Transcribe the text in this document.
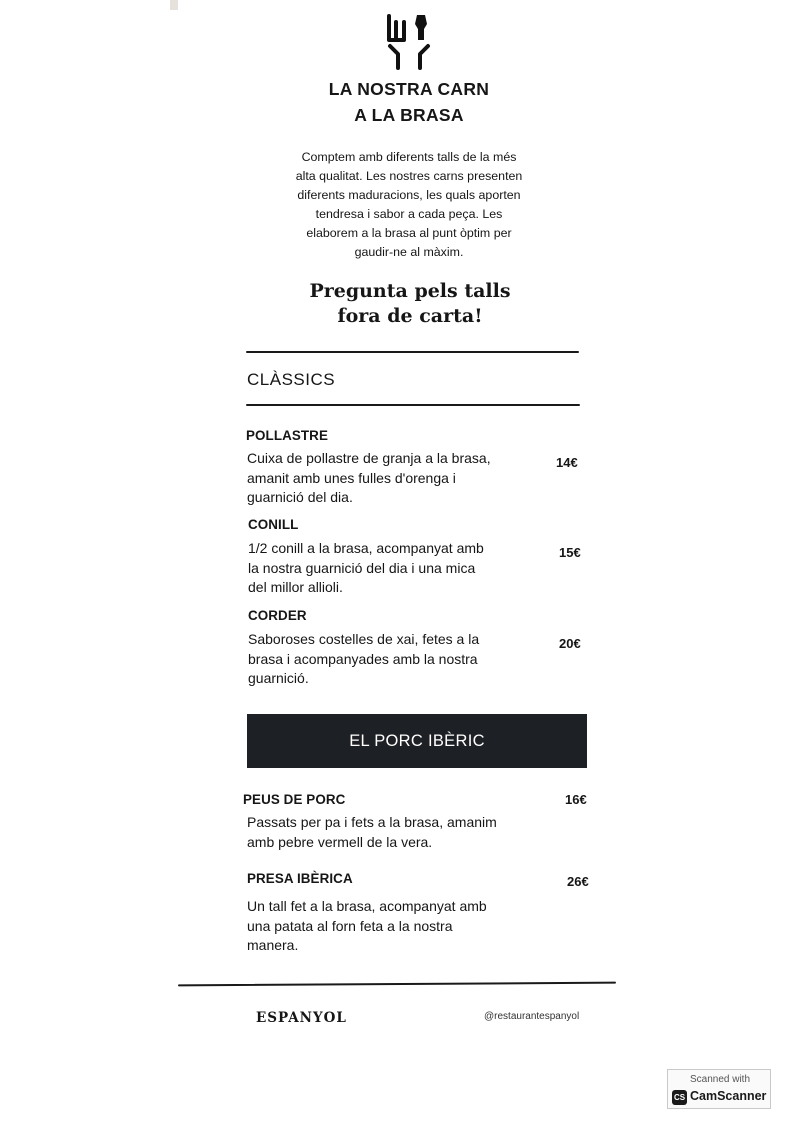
LA NOSTRA CARN
A LA BRASA
Comptem amb diferents talls de la més
alta qualitat. Les nostres carns presenten
diferents maduracions, les quals aporten
tendresa i sabor a cada peça. Les
elaborem a la brasa al punt òptim per
gaudir-ne al màxim.
Pregunta pels talls
fora de carta!
CLÀSSICS
POLLASTRE
Cuixa de pollastre de granja a la brasa,
amanit amb unes fulles d'orenga i
guarnició del dia.
14€
CONILL
1/2 conill a la brasa, acompanyat amb
la nostra guarnició del dia i una mica
del millor allioli.
15€
CORDER
Saboroses costelles de xai, fetes a la
brasa i acompanyades amb la nostra
guarnició.
20€
EL PORC IBÈRIC
PEUS DE PORC	16€
Passats per pa i fets a la brasa, amanim
amb pebre vermell de la vera.
PRESA IBÈRICA	26€
Un tall fet a la brasa, acompanyat amb
una patata al forn feta a la nostra
manera.
ESPANYOL	@restaurantespanyol
Scanned with
CS CamScanner
